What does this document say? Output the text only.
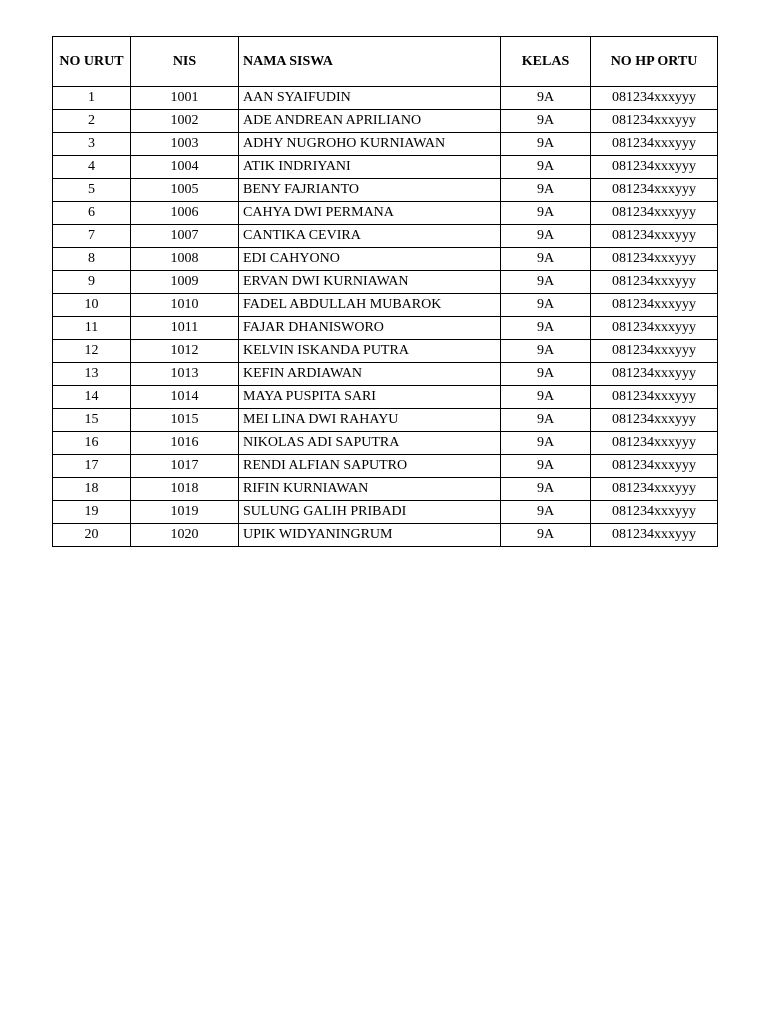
NO URUT	NIS	NAMA SISWA	KELAS	NO HP ORTU
1	1001	AAN SYAIFUDIN	9A	081234xxxyyy
2	1002	ADE ANDREAN APRILIANO	9A	081234xxxyyy
3	1003	ADHY NUGROHO KURNIAWAN	9A	081234xxxyyy
4	1004	ATIK INDRIYANI	9A	081234xxxyyy
5	1005	BENY FAJRIANTO	9A	081234xxxyyy
6	1006	CAHYA DWI PERMANA	9A	081234xxxyyy
7	1007	CANTIKA CEVIRA	9A	081234xxxyyy
8	1008	EDI CAHYONO	9A	081234xxxyyy
9	1009	ERVAN DWI KURNIAWAN	9A	081234xxxyyy
10	1010	FADEL ABDULLAH MUBAROK	9A	081234xxxyyy
11	1011	FAJAR DHANISWORO	9A	081234xxxyyy
12	1012	KELVIN ISKANDA PUTRA	9A	081234xxxyyy
13	1013	KEFIN ARDIAWAN	9A	081234xxxyyy
14	1014	MAYA PUSPITA SARI	9A	081234xxxyyy
15	1015	MEI LINA DWI RAHAYU	9A	081234xxxyyy
16	1016	NIKOLAS ADI SAPUTRA	9A	081234xxxyyy
17	1017	RENDI ALFIAN SAPUTRO	9A	081234xxxyyy
18	1018	RIFIN KURNIAWAN	9A	081234xxxyyy
19	1019	SULUNG GALIH PRIBADI	9A	081234xxxyyy
20	1020	UPIK WIDYANINGRUM	9A	081234xxxyyy
